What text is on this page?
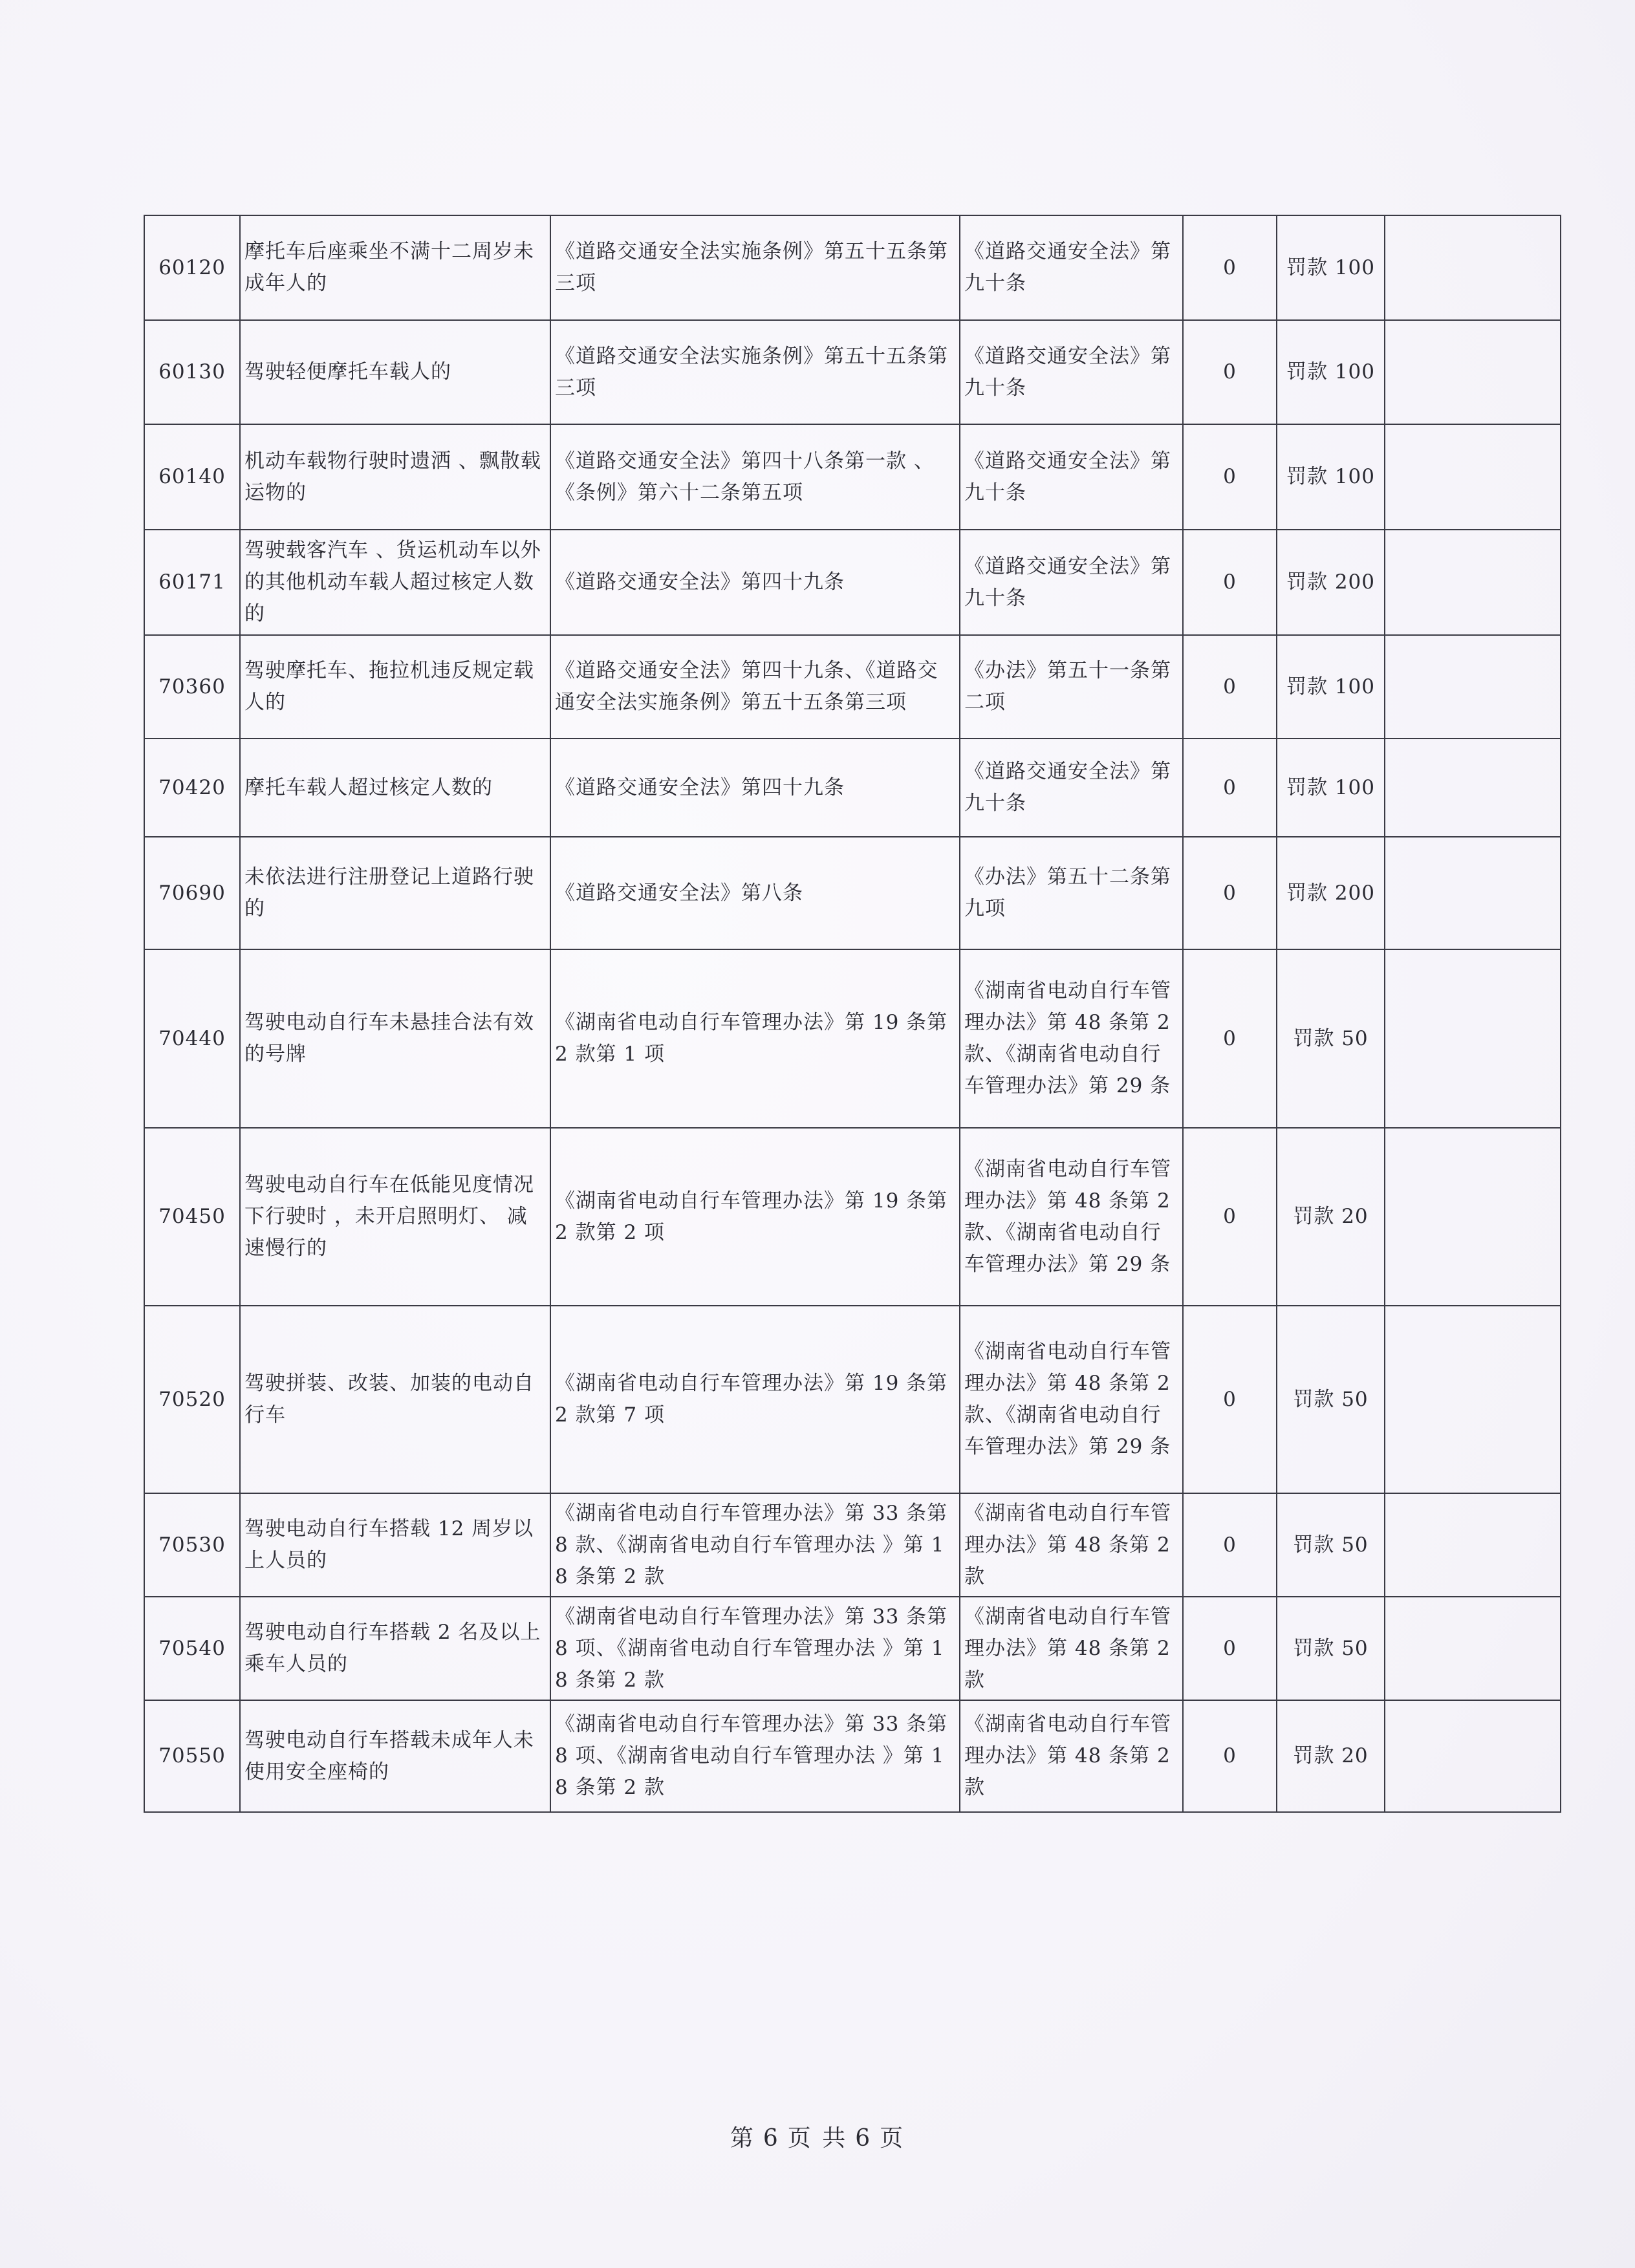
60120	摩托车后座乘坐不满十二周岁未成年人的	《道路交通安全法实施条例》第五十五条第三项	《道路交通安全法》第九十条	0	罚款 100	
60130	驾驶轻便摩托车载人的	《道路交通安全法实施条例》第五十五条第三项	《道路交通安全法》第九十条	0	罚款 100	
60140	机动车载物行驶时遗洒 、飘散载运物的	《道路交通安全法》第四十八条第一款 、《条例》第六十二条第五项	《道路交通安全法》第九十条	0	罚款 100	
60171	驾驶载客汽车 、货运机动车以外的其他机动车载人超过核定人数的	《道路交通安全法》第四十九条	《道路交通安全法》第九十条	0	罚款 200	
70360	驾驶摩托车、拖拉机违反规定载人的	《道路交通安全法》第四十九条、《道路交通安全法实施条例》第五十五条第三项	《办法》第五十一条第二项	0	罚款 100	
70420	摩托车载人超过核定人数的	《道路交通安全法》第四十九条	《道路交通安全法》第九十条	0	罚款 100	
70690	未依法进行注册登记上道路行驶的	《道路交通安全法》第八条	《办法》第五十二条第九项	0	罚款 200	
70440	驾驶电动自行车未悬挂合法有效的号牌	《湖南省电动自行车管理办法》第 19 条第 2 款第 1 项	《湖南省电动自行车管理办法》第 48 条第 2 款、《湖南省电动自行车管理办法》第 29 条	0	罚款 50	
70450	驾驶电动自行车在低能见度情况下行驶时 ，未开启照明灯、 减速慢行的	《湖南省电动自行车管理办法》第 19 条第 2 款第 2 项	《湖南省电动自行车管理办法》第 48 条第 2 款、《湖南省电动自行车管理办法》第 29 条	0	罚款 20	
70520	驾驶拼装、改装、加装的电动自行车	《湖南省电动自行车管理办法》第 19 条第 2 款第 7 项	《湖南省电动自行车管理办法》第 48 条第 2 款、《湖南省电动自行车管理办法》第 29 条	0	罚款 50	
70530	驾驶电动自行车搭载 12 周岁以上人员的	《湖南省电动自行车管理办法》第 33 条第 8 款、《湖南省电动自行车管理办法 》第 18 条第 2 款	《湖南省电动自行车管理办法》第 48 条第 2 款	0	罚款 50	
70540	驾驶电动自行车搭载 2 名及以上乘车人员的	《湖南省电动自行车管理办法》第 33 条第 8 项、《湖南省电动自行车管理办法 》第 18 条第 2 款	《湖南省电动自行车管理办法》第 48 条第 2 款	0	罚款 50	
70550	驾驶电动自行车搭载未成年人未使用安全座椅的	《湖南省电动自行车管理办法》第 33 条第 8 项、《湖南省电动自行车管理办法 》第 18 条第 2 款	《湖南省电动自行车管理办法》第 48 条第 2 款	0	罚款 20	
第 6 页 共 6 页
